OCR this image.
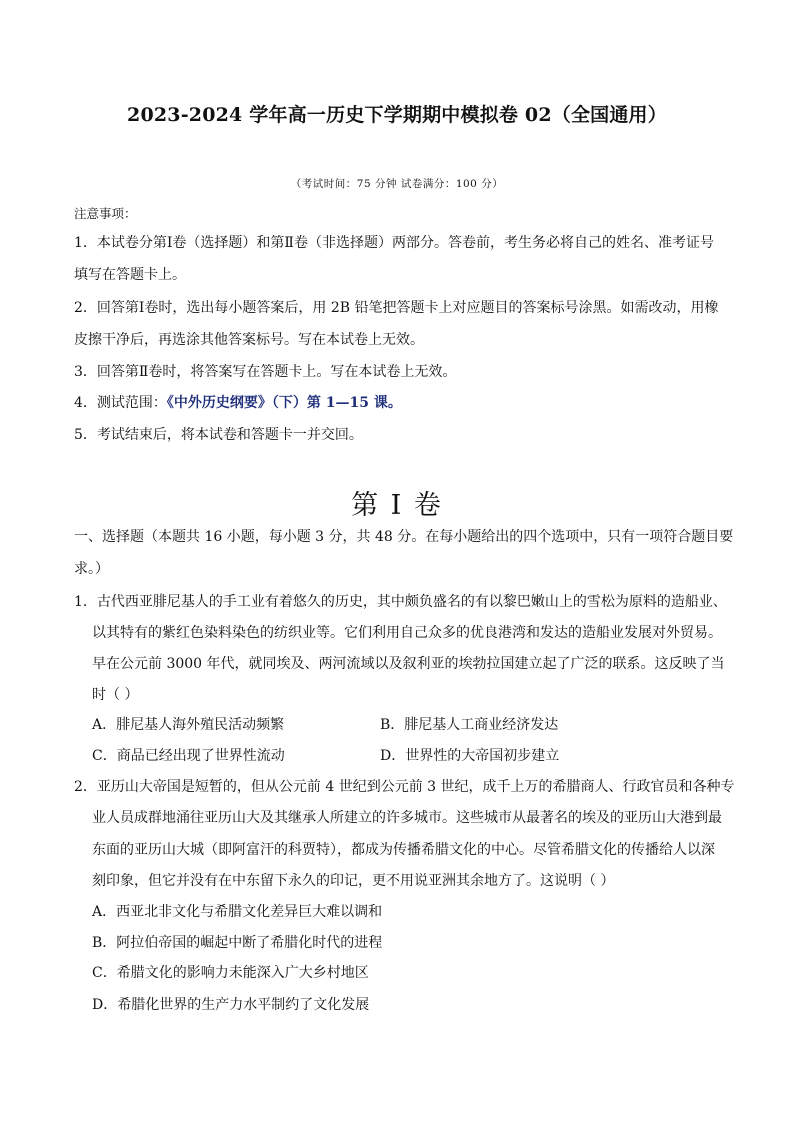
2023-2024 学年高一历史下学期期中模拟卷 02（全国通用）
（考试时间：75 分钟 试卷满分：100 分）
注意事项：
1．本试卷分第Ⅰ卷（选择题）和第Ⅱ卷（非选择题）两部分。答卷前，考生务必将自己的姓名、准考证号
填写在答题卡上。
2．回答第Ⅰ卷时，选出每小题答案后，用 2B 铅笔把答题卡上对应题目的答案标号涂黑。如需改动，用橡
皮擦干净后，再选涂其他答案标号。写在本试卷上无效。
3．回答第Ⅱ卷时，将答案写在答题卡上。写在本试卷上无效。
4．测试范围：《中外历史纲要》（下）第 1—15 课。
5．考试结束后，将本试卷和答题卡一并交回。
第 I 卷
一、选择题（本题共 16 小题，每小题 3 分，共 48 分。在每小题给出的四个选项中，只有一项符合题目要
求。）
1．古代西亚腓尼基人的手工业有着悠久的历史，其中颇负盛名的有以黎巴嫩山上的雪松为原料的造船业、
以其特有的紫红色染料染色的纺织业等。它们利用自己众多的优良港湾和发达的造船业发展对外贸易。
早在公元前 3000 年代，就同埃及、两河流域以及叙利亚的埃勃拉国建立起了广泛的联系。这反映了当
时（ ）
A．腓尼基人海外殖民活动频繁	B．腓尼基人工商业经济发达
C．商品已经出现了世界性流动	D．世界性的大帝国初步建立
2．亚历山大帝国是短暂的，但从公元前 4 世纪到公元前 3 世纪，成千上万的希腊商人、行政官员和各种专
业人员成群地涌往亚历山大及其继承人所建立的许多城市。这些城市从最著名的埃及的亚历山大港到最
东面的亚历山大城（即阿富汗的科贾特），都成为传播希腊文化的中心。尽管希腊文化的传播给人以深
刻印象，但它并没有在中东留下永久的印记，更不用说亚洲其余地方了。这说明（ ）
A．西亚北非文化与希腊文化差异巨大难以调和
B．阿拉伯帝国的崛起中断了希腊化时代的进程
C．希腊文化的影响力未能深入广大乡村地区
D．希腊化世界的生产力水平制约了文化发展
